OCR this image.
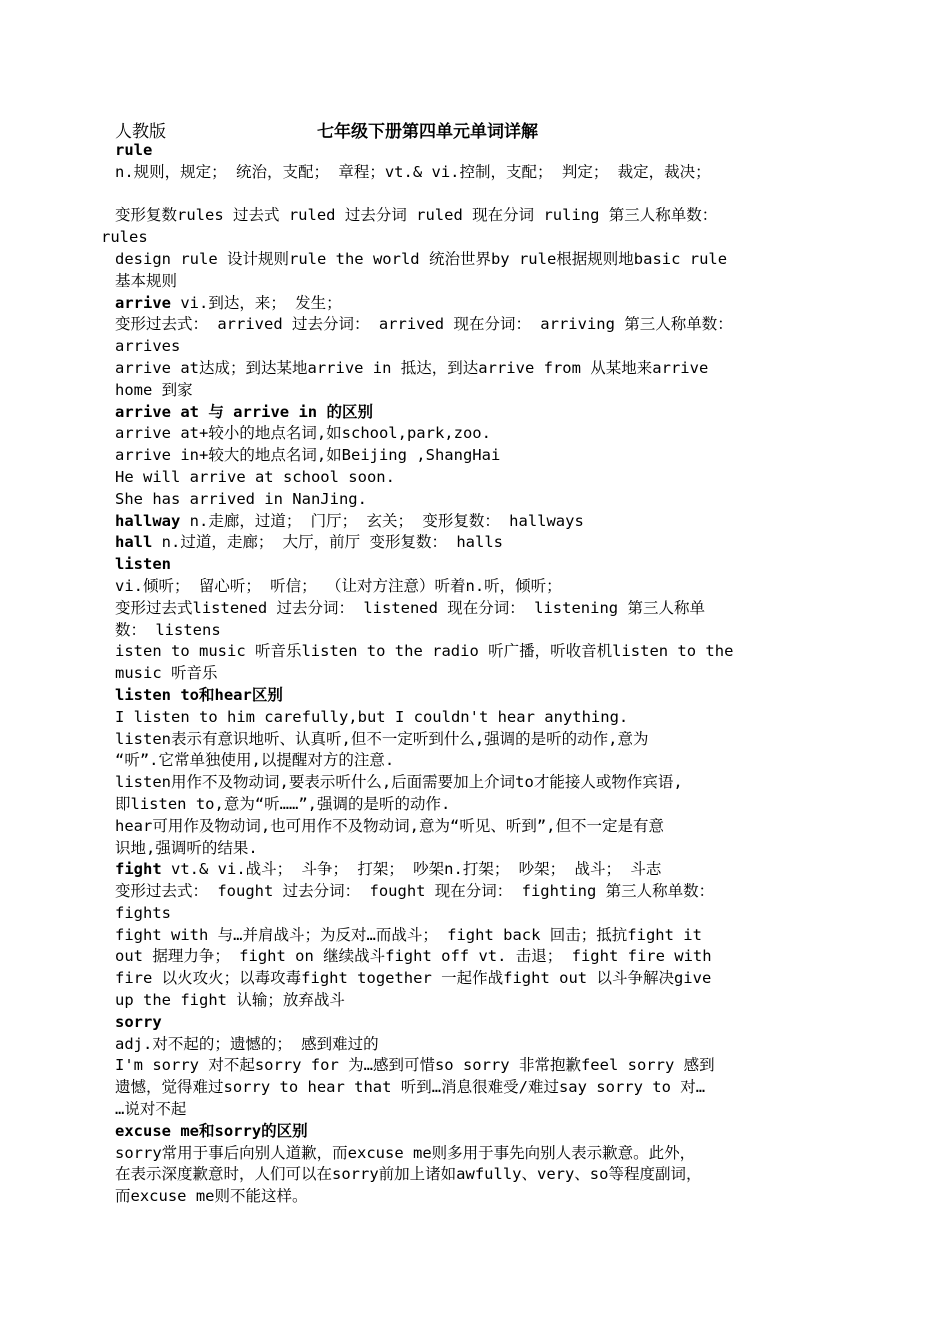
人教版	七年级下册第四单元单词详解
rule
n.规则，规定； 统治，支配； 章程；vt.& vi.控制，支配； 判定； 裁定，裁决；
变形复数rules 过去式 ruled 过去分词 ruled 现在分词 ruling 第三人称单数：
rules
design rule 设计规则rule the world 统治世界by rule根据规则地basic rule
基本规则
arrive vi.到达，来； 发生；
变形过去式： arrived 过去分词： arrived 现在分词： arriving 第三人称单数：
arrives
arrive at达成；到达某地arrive in 抵达，到达arrive from 从某地来arrive
home 到家
arrive at 与 arrive in 的区别
arrive at+较小的地点名词,如school,park,zoo.
arrive in+较大的地点名词,如Beijing ,ShangHai
He will arrive at school soon.
She has arrived in NanJing.
hallway n.走廊，过道； 门厅； 玄关； 变形复数： hallways
hall n.过道，走廊； 大厅，前厅 变形复数： halls
listen
vi.倾听； 留心听； 听信； （让对方注意）听着n.听，倾听；
变形过去式listened 过去分词： listened 现在分词： listening 第三人称单
数： listens
isten to music 听音乐listen to the radio 听广播，听收音机listen to the
music 听音乐
listen to和hear区别
I listen to him carefully,but I couldn't hear anything.
listen表示有意识地听、认真听,但不一定听到什么,强调的是听的动作,意为
“听”.它常单独使用,以提醒对方的注意.
listen用作不及物动词,要表示听什么,后面需要加上介词to才能接人或物作宾语,
即listen to,意为“听……”,强调的是听的动作.
hear可用作及物动词,也可用作不及物动词,意为“听见、听到”,但不一定是有意
识地,强调听的结果.
fight vt.& vi.战斗； 斗争； 打架； 吵架n.打架； 吵架； 战斗； 斗志
变形过去式： fought 过去分词： fought 现在分词： fighting 第三人称单数：
fights
fight with 与…并肩战斗；为反对…而战斗； fight back 回击；抵抗fight it
out 据理力争； fight on 继续战斗fight off vt. 击退； fight fire with
fire 以火攻火；以毒攻毒fight together 一起作战fight out 以斗争解决give
up the fight 认输；放弃战斗
sorry
adj.对不起的；遗憾的； 感到难过的
I'm sorry 对不起sorry for 为…感到可惜so sorry 非常抱歉feel sorry 感到
遗憾，觉得难过sorry to hear that 听到…消息很难受/难过say sorry to 对…
…说对不起
excuse me和sorry的区别
sorry常用于事后向别人道歉，而excuse me则多用于事先向别人表示歉意。此外，
在表示深度歉意时，人们可以在sorry前加上诸如awfully、very、so等程度副词，
而excuse me则不能这样。
